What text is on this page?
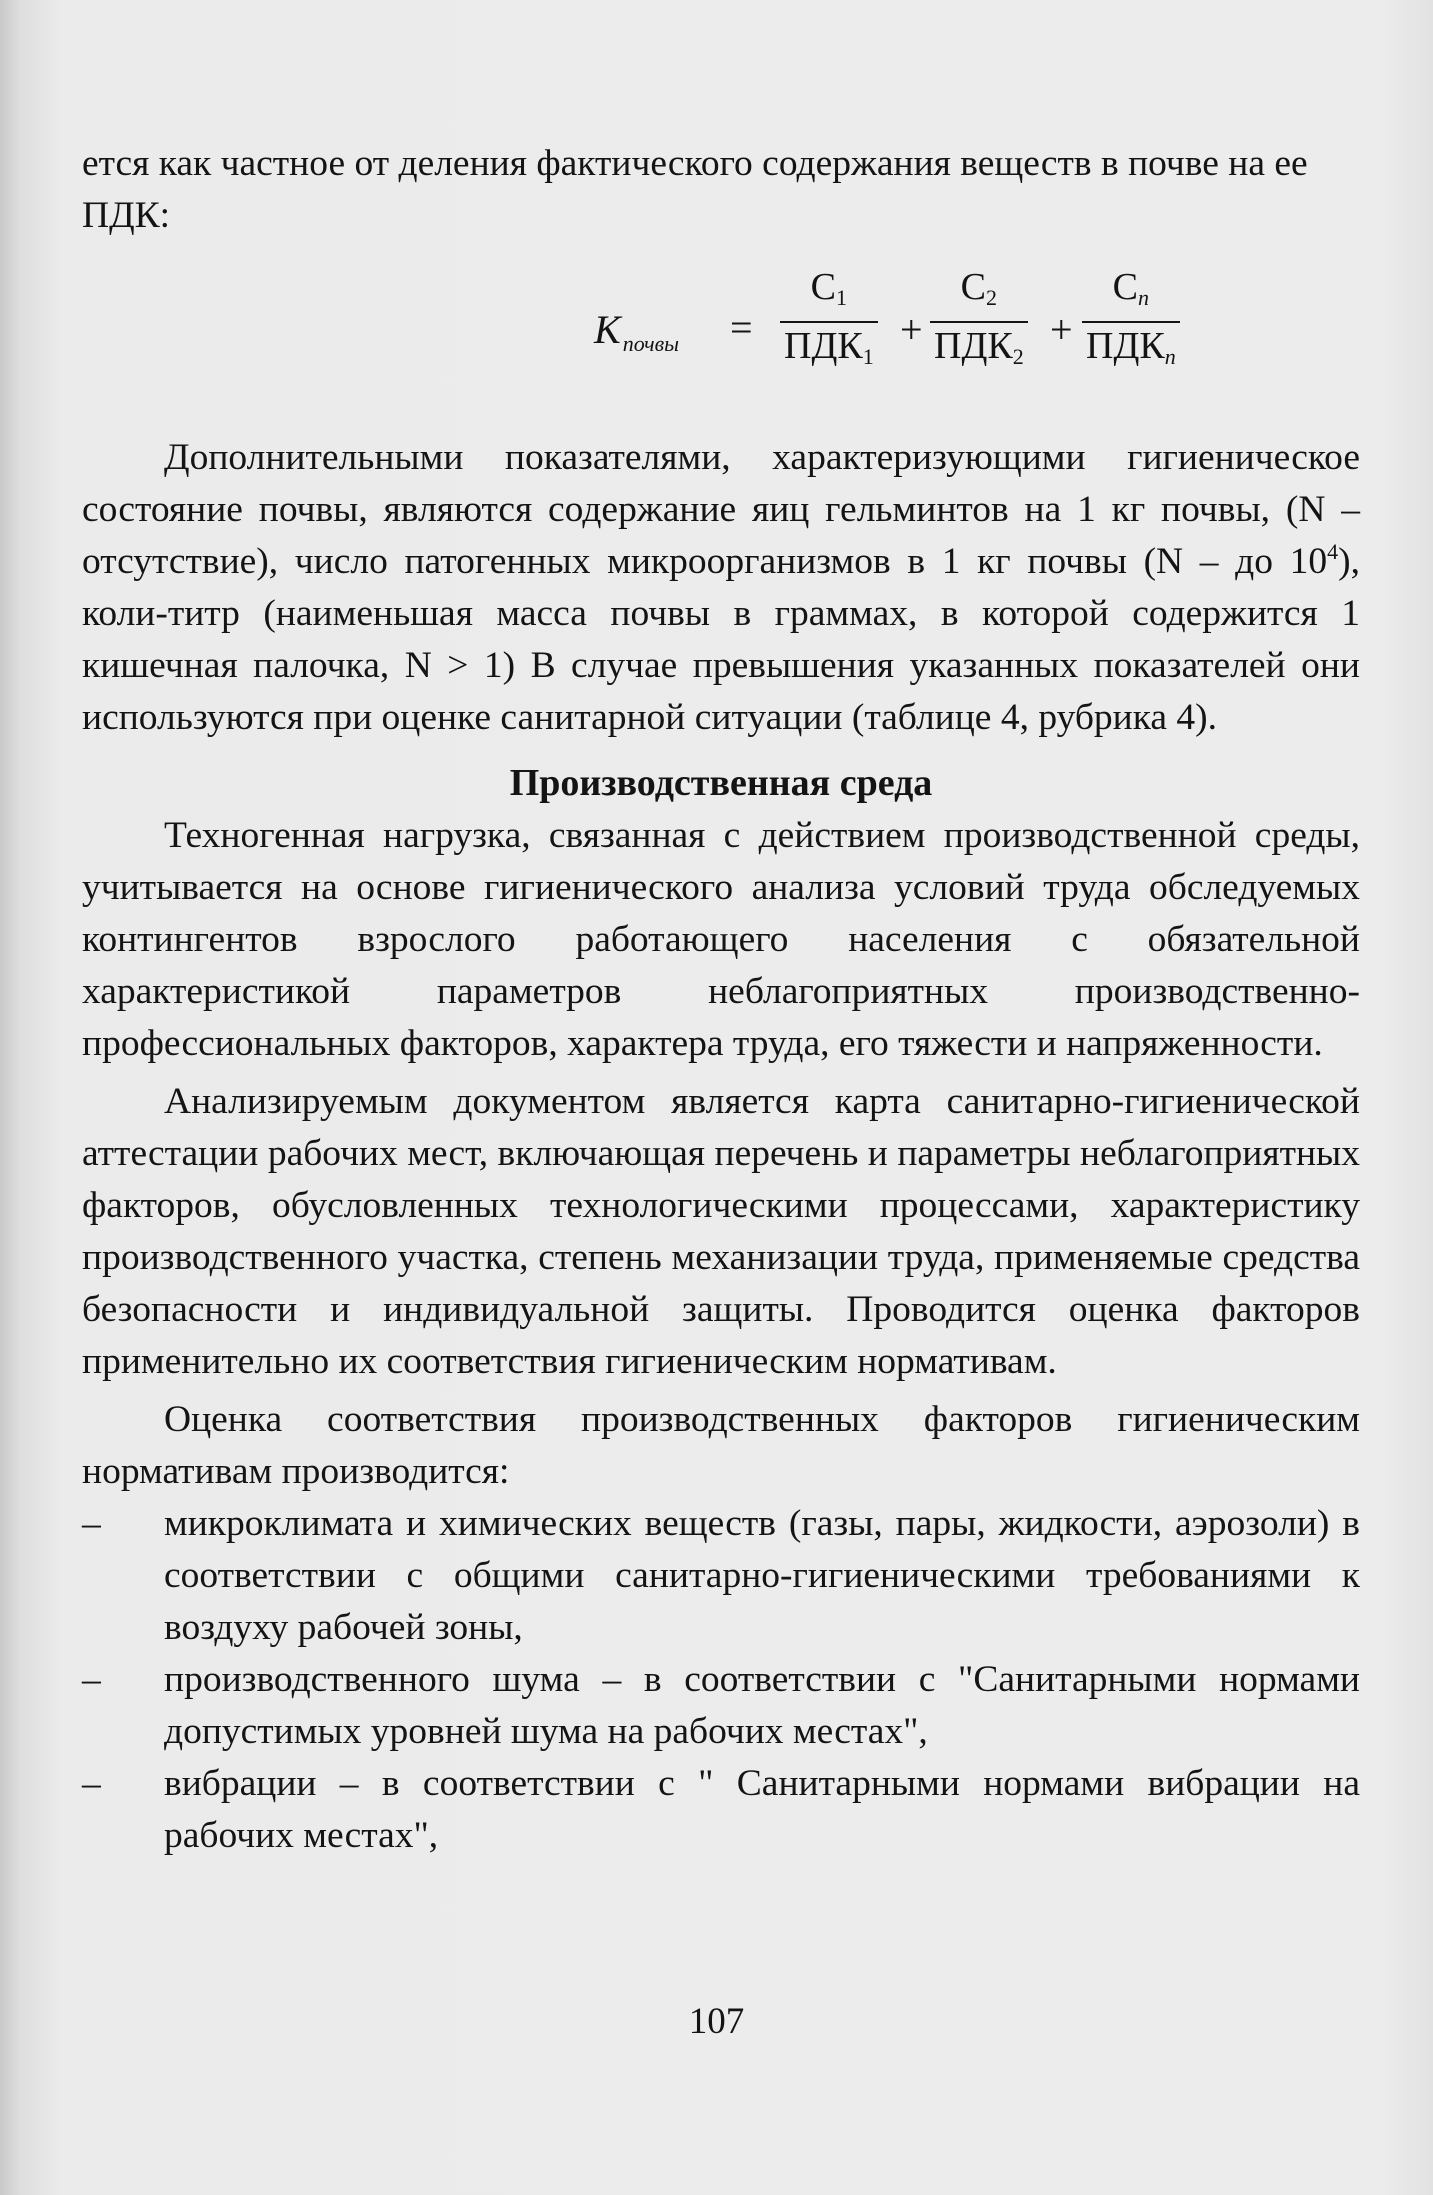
ется как частное от деления фактического содержания веществ в почве на ее ПДК:

$K_{почвы}$ =
$C_1$
$ПДК_1$
+
$C_2$
$ПДК_2$
+
$C_n$
$ПДК_n$

Дополнительными показателями, характеризующими гигиеническое состояние почвы, являются содержание яиц гельминтов на 1 кг почвы, (N – отсутствие), число патогенных микроорганизмов в 1 кг почвы (N – до $10^4$), коли-титр (наименьшая масса почвы в граммах, в которой содержится 1 кишечная палочка, N > 1) В случае превышения указанных показателей они используются при оценке санитарной ситуации (таблице 4, рубрика 4).

Производственная среда

Техногенная нагрузка, связанная с действием производственной среды, учитывается на основе гигиенического анализа условий труда обследуемых контингентов взрослого работающего населения с обязательной характеристикой параметров неблагоприятных производственно-профессиональных факторов, характера труда, его тяжести и напряженности.

Анализируемым документом является карта санитарно-гигиенической аттестации рабочих мест, включающая перечень и параметры неблагоприятных факторов, обусловленных технологическими процессами, характеристику производственного участка, степень механизации труда, применяемые средства безопасности и индивидуальной защиты. Проводится оценка факторов применительно их соответствия гигиеническим нормативам.

Оценка соответствия производственных факторов гигиеническим нормативам производится:

–	микроклимата и химических веществ (газы, пары, жидкости, аэрозоли) в соответствии с общими санитарно-гигиеническими требованиями к воздуху рабочей зоны,

–	производственного шума – в соответствии с "Санитарными нормами допустимых уровней шума на рабочих местах",

–	вибрации – в соответствии с " Санитарными нормами вибрации на рабочих местах",

107
